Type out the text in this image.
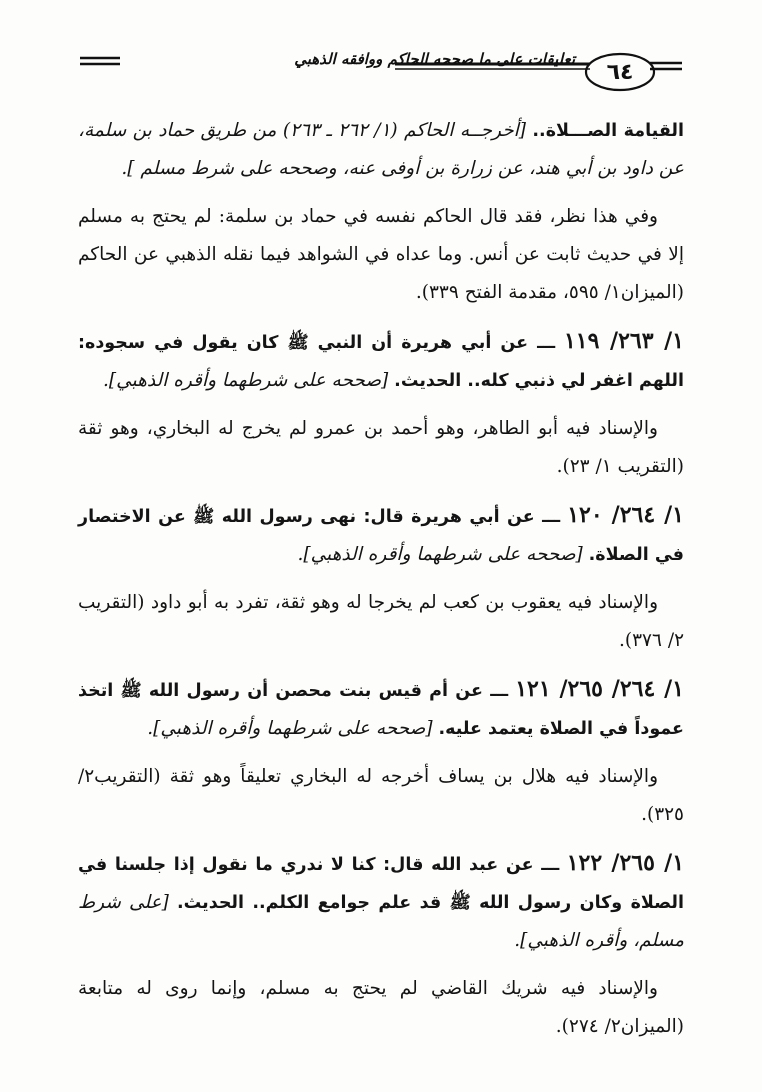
تعليقات على ما صححه الحاكم ووافقه الذهبي
٦٤

القيامة الصـــلاة.. [أخرجــه الحاكم (١/ ٢٦٢ ـ ٢٦٣) من طريق حماد بن سلمة، عن داود بن أبي هند، عن زرارة بن أوفى عنه، وصححه على شرط مسلم ].

وفي هذا نظر، فقد قال الحاكم نفسه في حماد بن سلمة: لم يحتج به مسلم إلا في حديث ثابت عن أنس. وما عداه في الشواهد فيما نقله الذهبي عن الحاكم (الميزان١/ ٥٩٥، مقدمة الفتح ٣٣٩).

١/ ٢٦٣/ ١١٩ ـــ عن أبي هريرة أن النبي ﷺ كان يقول في سجوده: اللهم اغفر لي ذنبي كله.. الحديث. [صححه على شرطهما وأقره الذهبي].

والإسناد فيه أبو الطاهر، وهو أحمد بن عمرو لم يخرج له البخاري، وهو ثقة (التقريب ١/ ٢٣).

١/ ٢٦٤/ ١٢٠ ـــ عن أبي هريرة قال: نهى رسول الله ﷺ عن الاختصار في الصلاة. [صححه على شرطهما وأقره الذهبي].

والإسناد فيه يعقوب بن كعب لم يخرجا له وهو ثقة، تفرد به أبو داود (التقريب ٢/ ٣٧٦).

١/ ٢٦٤/ ٢٦٥/ ١٢١ ـــ عن أم قيس بنت محصن أن رسول الله ﷺ اتخذ عموداً في الصلاة يعتمد عليه. [صححه على شرطهما وأقره الذهبي].

والإسناد فيه هلال بن يساف أخرجه له البخاري تعليقاً وهو ثقة (التقريب٢/ ٣٢٥).

١/ ٢٦٥/ ١٢٢ ـــ عن عبد الله قال: كنا لا ندري ما نقول إذا جلسنا في الصلاة وكان رسول الله ﷺ قد علم جوامع الكلم.. الحديث. [على شرط مسلم، وأقره الذهبي].

والإسناد فيه شريك القاضي لم يحتج به مسلم، وإنما روى له متابعة (الميزان٢/ ٢٧٤).
